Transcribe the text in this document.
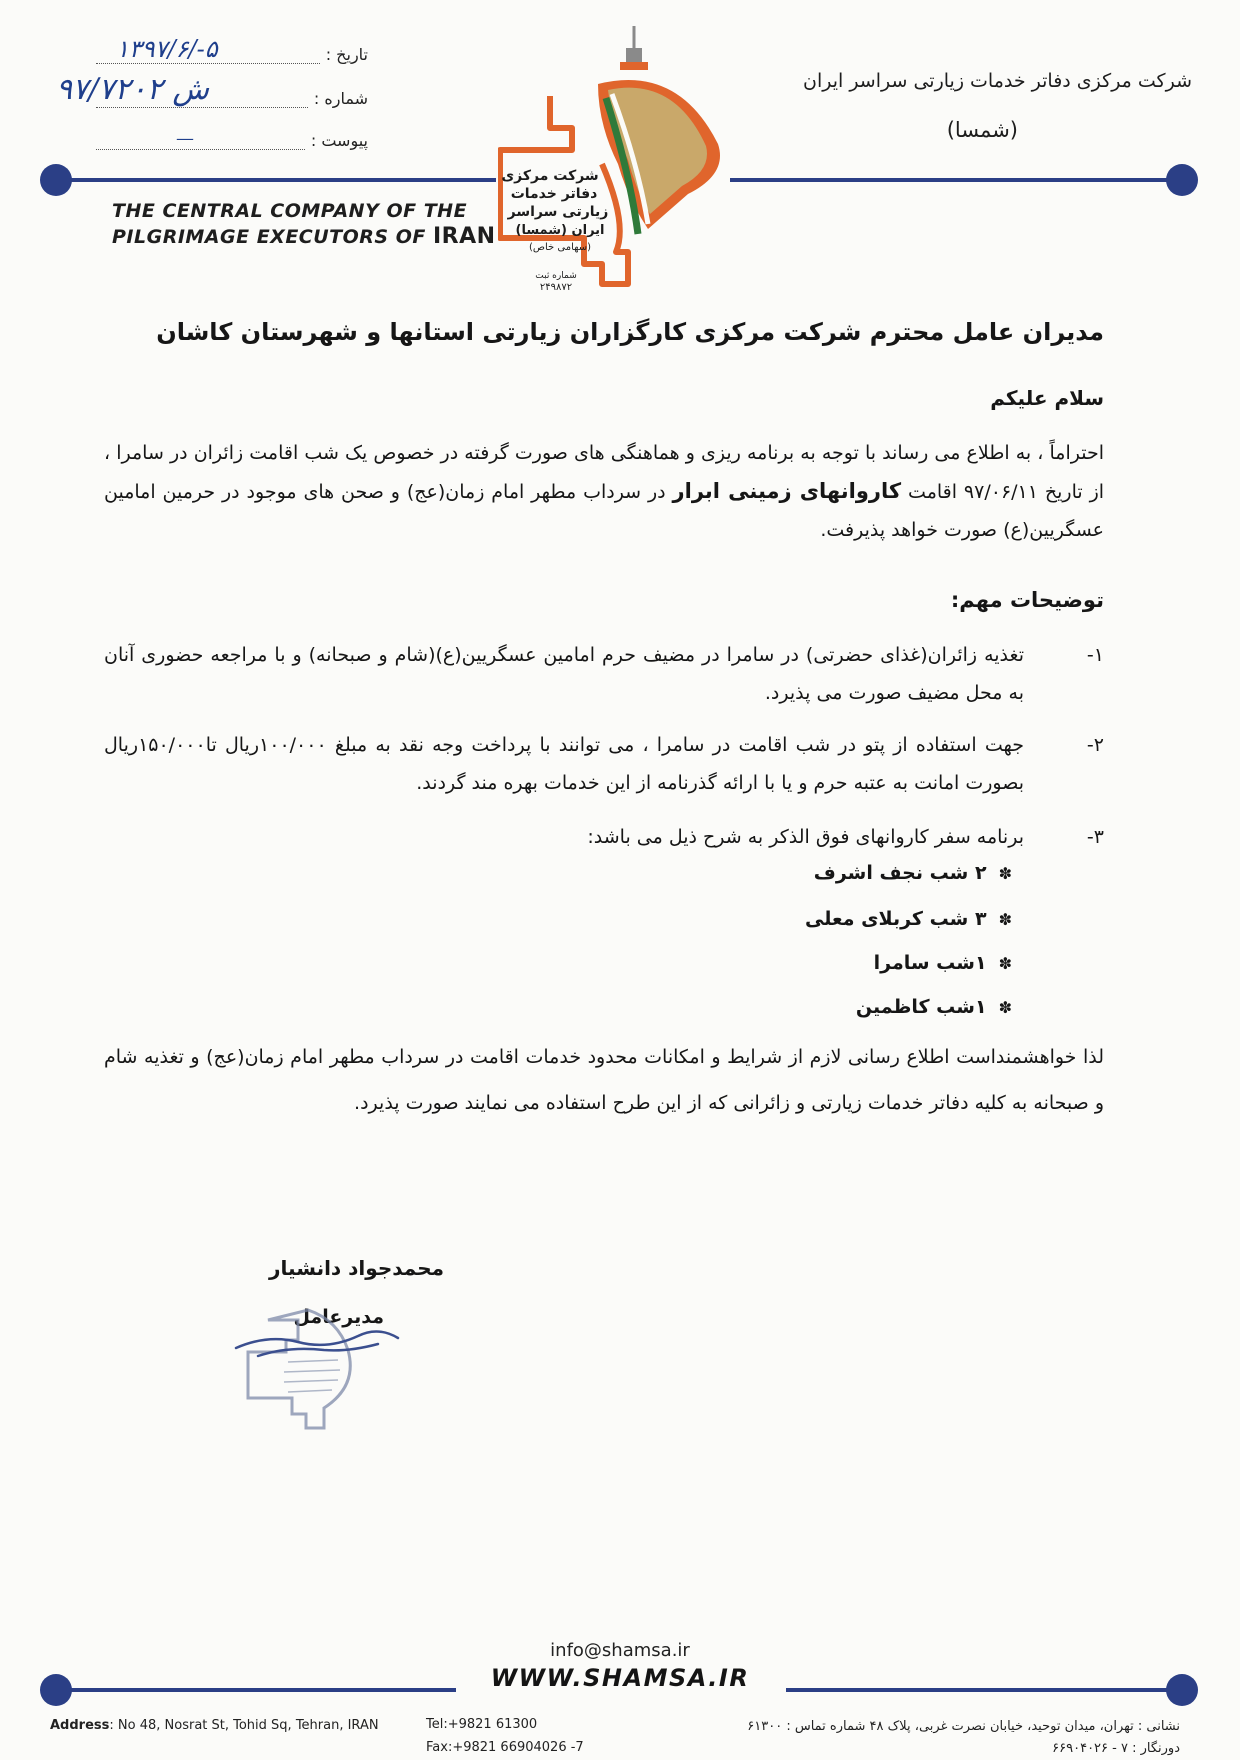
شرکت مرکزی دفاتر خدمات زیارتی سراسر ایران
(شمسا)
تاریخ :
۱۳۹۷/۶/-۵
شماره :
۹۷/۷۲۰۲ ش
پیوست :
—
THE CENTRAL COMPANY OF THE
PILGRIMAGE EXECUTORS OF IRAN
شرکت مرکزی
دفاتر خدمات
زیارتی سراسر
ایران (شمسا)
(سهامی خاص)
شماره ثبت
۲۴۹۸۷۲
مدیران عامل محترم شرکت مرکزی کارگزاران زیارتی استانها و شهرستان کاشان
سلام علیکم
احتراماً ، به اطلاع می رساند با توجه به برنامه ریزی و هماهنگی های صورت گرفته در خصوص یک شب اقامت زائران در سامرا ، از تاریخ ۹۷/۰۶/۱۱ اقامت کاروانهای زمینی ابرار در سرداب مطهر امام زمان(عج) و صحن های موجود در حرمین امامین عسگریین(ع) صورت خواهد پذیرفت.
توضیحات مهم:
۱-
تغذیه زائران(غذای حضرتی) در سامرا در مضیف حرم امامین عسگریین(ع)(شام و صبحانه) و با مراجعه حضوری آنان به محل مضیف صورت می پذیرد.
۲-
جهت استفاده از پتو در شب اقامت در سامرا ، می توانند با پرداخت وجه نقد به مبلغ ۱۰۰/۰۰۰ریال تا۱۵۰/۰۰۰ریال بصورت امانت به عتبه حرم و یا با ارائه گذرنامه از این خدمات بهره مند گردند.
۳-
برنامه سفر کاروانهای فوق الذکر به شرح ذیل می باشد:
✽۲ شب نجف اشرف
✽۳ شب کربلای معلی
✽۱شب سامرا
✽۱شب کاظمین
لذا خواهشمنداست اطلاع رسانی لازم از شرایط و امکانات محدود خدمات اقامت در سرداب مطهر امام زمان(عج) و تغذیه شام و صبحانه به کلیه دفاتر خدمات زیارتی و زائرانی که از این طرح استفاده می نمایند صورت پذیرد.
محمدجواد دانشیار
مدیرعامل
info@shamsa.ir
WWW.SHAMSA.IR
Address: No 48, Nosrat St, Tohid Sq, Tehran, IRAN	Tel:+9821 61300
Fax:+9821 66904026 -7
نشانی : تهران، میدان توحید، خیابان نصرت غربی، پلاک ۴۸ شماره تماس : ۶۱۳۰۰
دورنگار : ۷ - ۶۶۹۰۴۰۲۶
